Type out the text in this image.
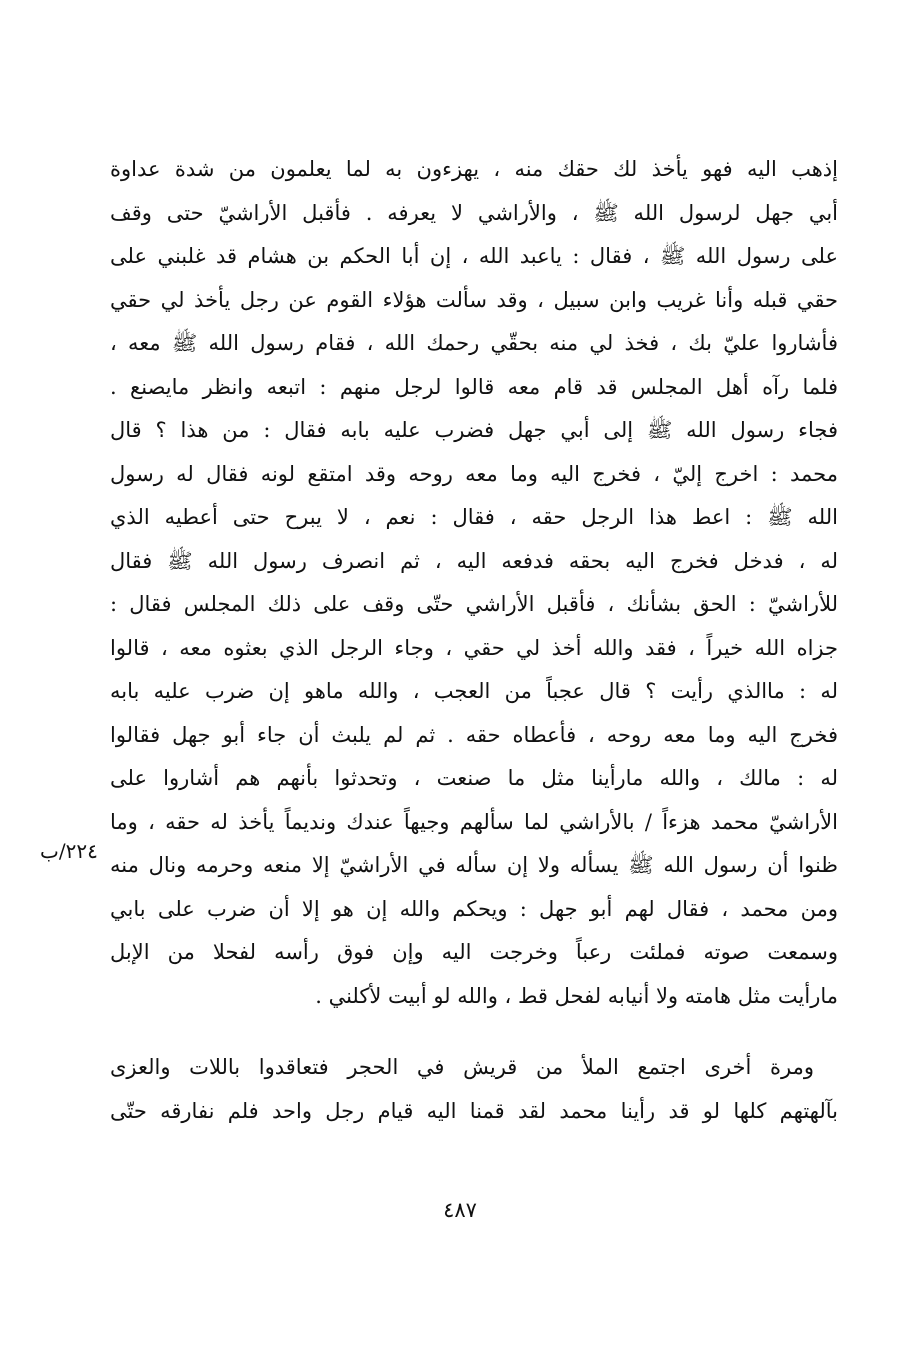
إذهب اليه فهو يأخذ لك حقك منه ، يهزءون به لما يعلمون من شدة عداوة
أبي جهل لرسول الله ﷺ ، والأراشي لا يعرفه . فأقبل الأراشيّ حتى وقف
على رسول الله ﷺ ، فقال : ياعبد الله ، إن أبا الحكم بن هشام قد غلبني على
حقي قبله وأنا غريب وابن سبيل ، وقد سألت هؤلاء القوم عن رجل يأخذ لي حقي
فأشاروا عليّ بك ، فخذ لي منه بحقّي رحمك الله ، فقام رسول الله ﷺ معه ،
فلما رآه أهل المجلس قد قام معه قالوا لرجل منهم : اتبعه وانظر مايصنع .
فجاء رسول الله ﷺ إلى أبي جهل فضرب عليه بابه فقال : من هذا ؟ قال
محمد : اخرج إليّ ، فخرج اليه وما معه روحه وقد امتقع لونه فقال له رسول
الله ﷺ : اعط هذا الرجل حقه ، فقال : نعم ، لا يبرح حتى أعطيه الذي
له ، فدخل فخرج اليه بحقه فدفعه اليه ، ثم انصرف رسول الله ﷺ فقال
للأراشيّ : الحق بشأنك ، فأقبل الأراشي حتّى وقف على ذلك المجلس فقال :
جزاه الله خيراً ، فقد والله أخذ لي حقي ، وجاء الرجل الذي بعثوه معه ، قالوا
له : ماالذي رأيت ؟ قال عجباً من العجب ، والله ماهو إن ضرب عليه بابه
فخرج اليه وما معه روحه ، فأعطاه حقه . ثم لم يلبث أن جاء أبو جهل فقالوا
له : مالك ، والله مارأينا مثل ما صنعت ، وتحدثوا بأنهم هم أشاروا على
الأراشيّ محمد هزءاً / بالأراشي لما سألهم وجيهاً عندك ونديماً يأخذ له حقه ، وما
ظنوا أن رسول الله ﷺ يسأله ولا إن سأله في الأراشيّ إلا منعه وحرمه ونال منه
ومن محمد ، فقال لهم أبو جهل : ويحكم والله إن هو إلا أن ضرب على بابي
وسمعت صوته فملئت رعباً وخرجت اليه وإن فوق رأسه لفحلا من الإبل
مارأيت مثل هامته ولا أنيابه لفحل قط ، والله لو أبيت لأكلني .
ومرة أخرى اجتمع الملأ من قريش في الحجر فتعاقدوا باللات والعزى
بآلهتهم كلها لو قد رأينا محمد لقد قمنا اليه قيام رجل واحد فلم نفارقه حتّى
٢٢٤/ب
٤٨٧
